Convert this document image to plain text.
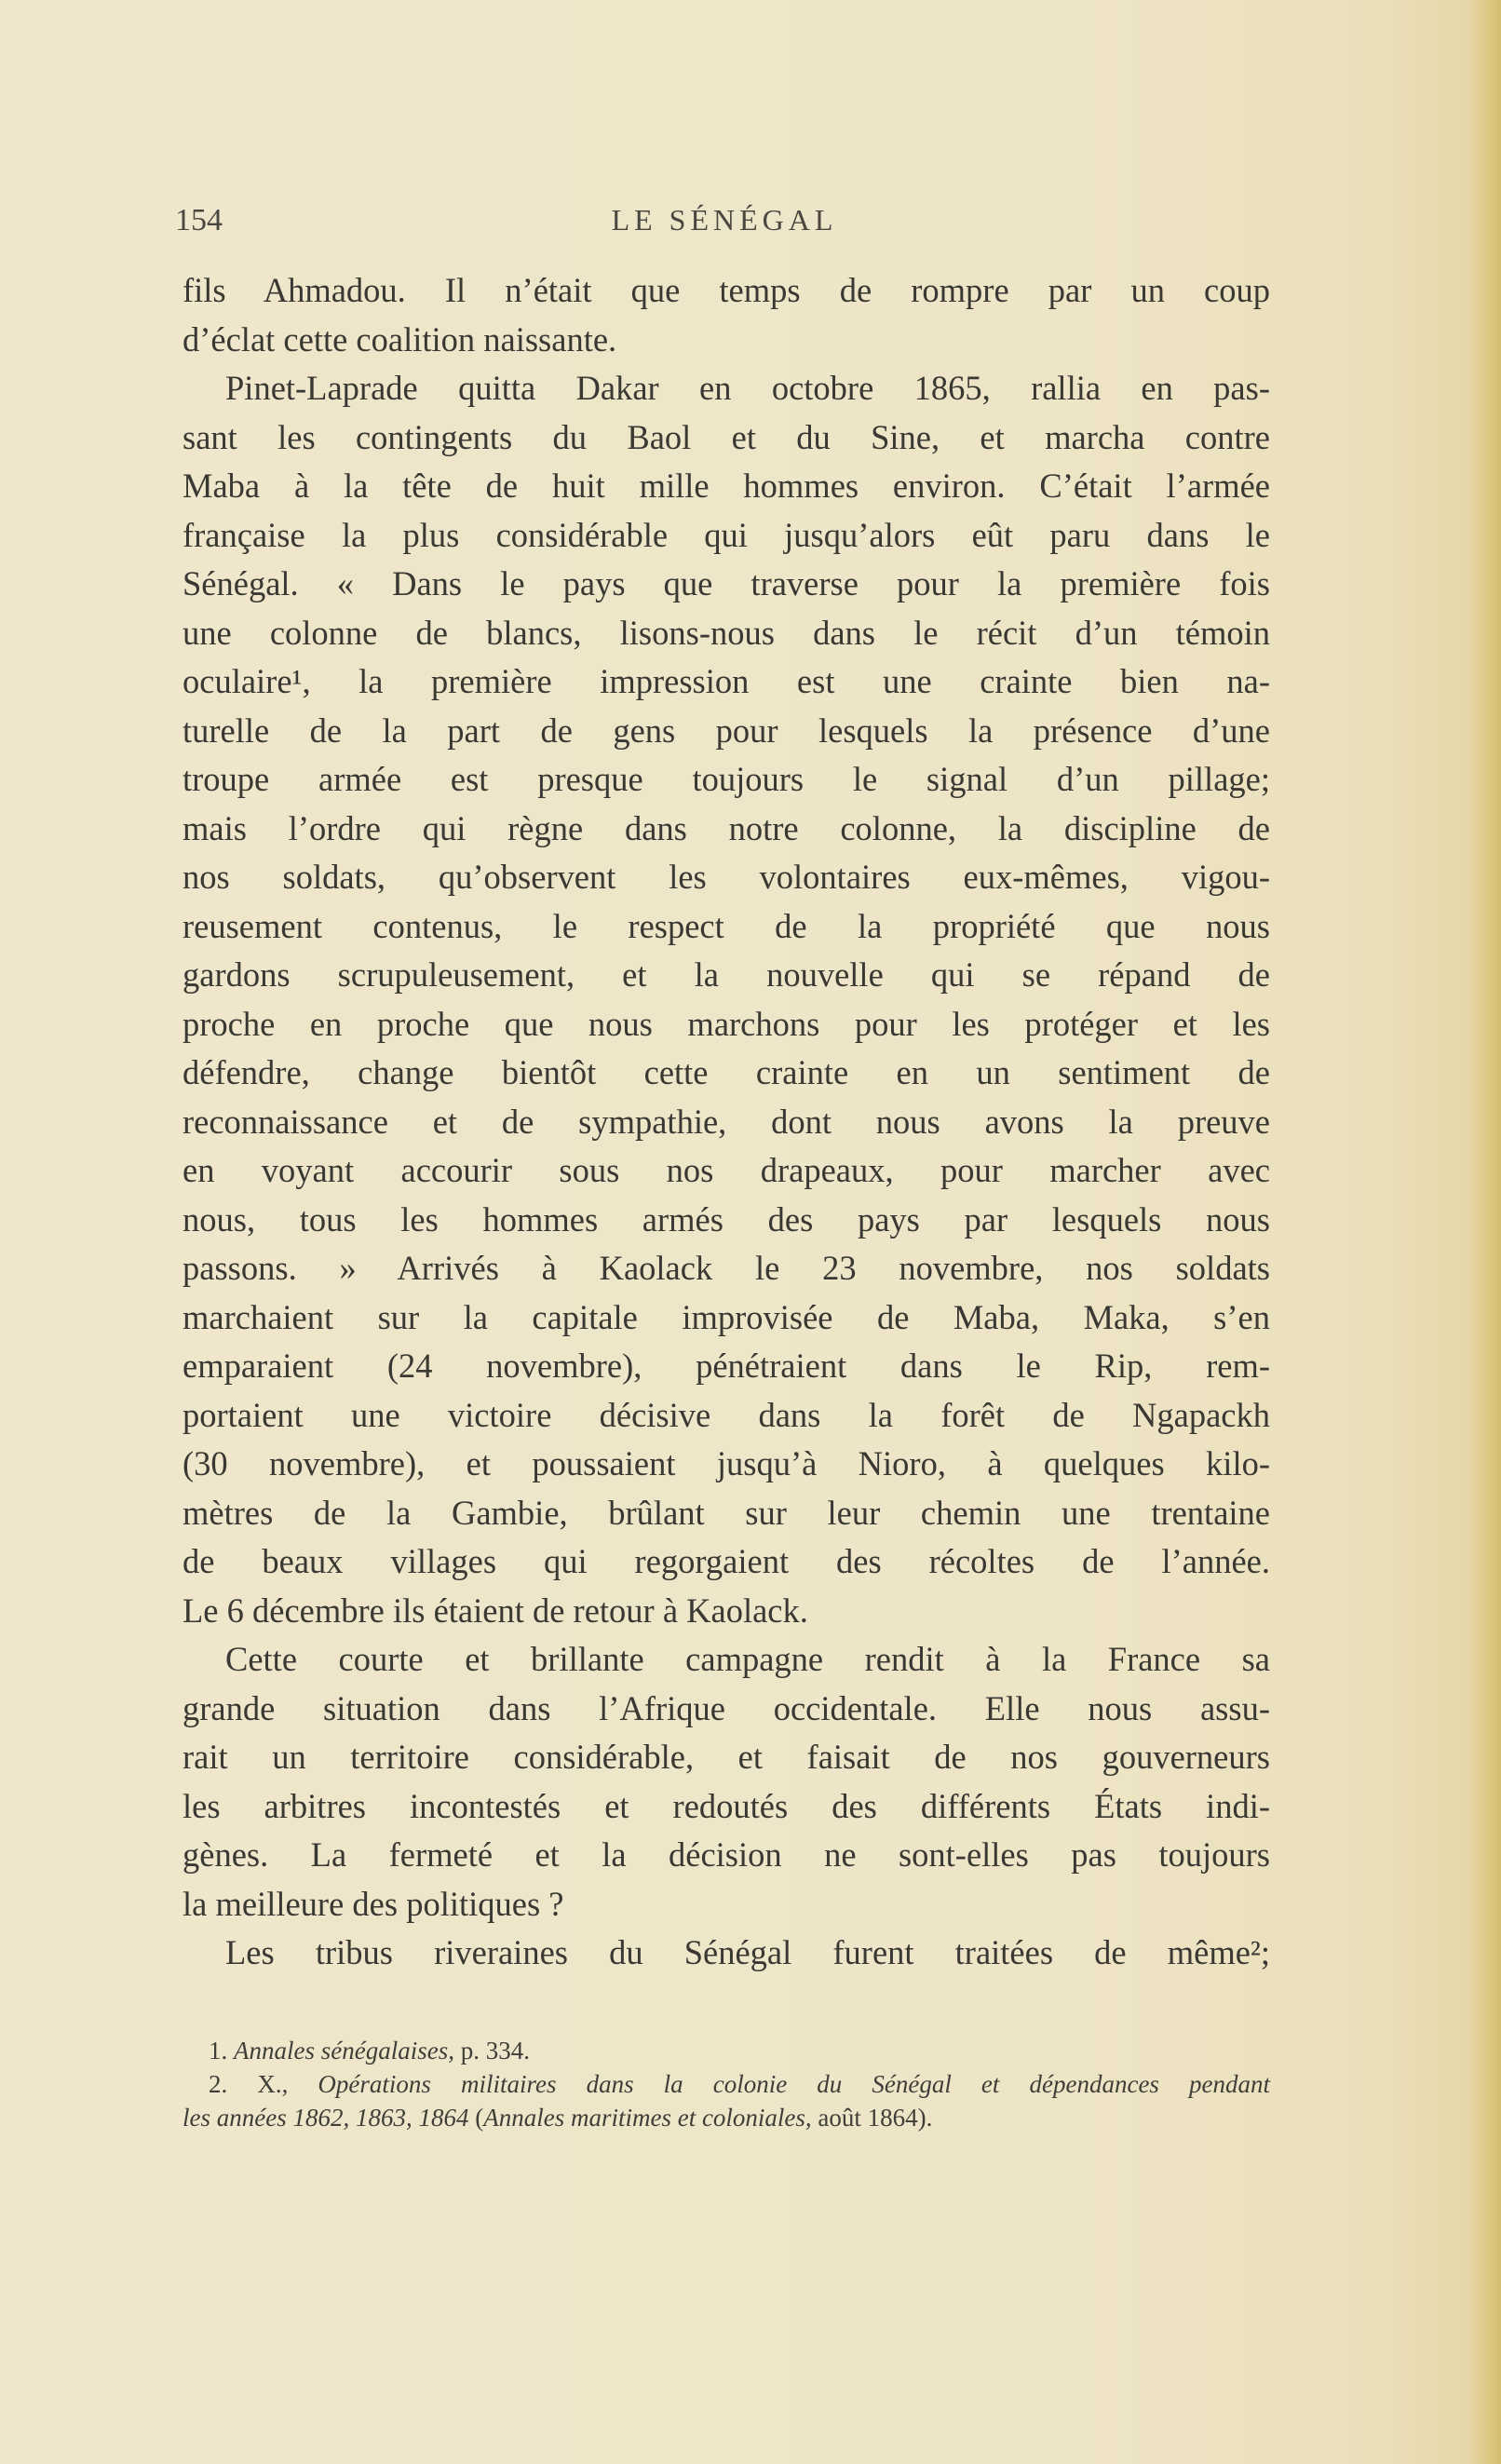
154	LE SÉNÉGAL
fils Ahmadou. Il n’était que temps de rompre par un coup
d’éclat cette coalition naissante.
Pinet-Laprade quitta Dakar en octobre 1865, rallia en pas-
sant les contingents du Baol et du Sine, et marcha contre
Maba à la tête de huit mille hommes environ. C’était l’armée
française la plus considérable qui jusqu’alors eût paru dans le
Sénégal. « Dans le pays que traverse pour la première fois
une colonne de blancs, lisons-nous dans le récit d’un témoin
oculaire¹, la première impression est une crainte bien na-
turelle de la part de gens pour lesquels la présence d’une
troupe armée est presque toujours le signal d’un pillage;
mais l’ordre qui règne dans notre colonne, la discipline de
nos soldats, qu’observent les volontaires eux-mêmes, vigou-
reusement contenus, le respect de la propriété que nous
gardons scrupuleusement, et la nouvelle qui se répand de
proche en proche que nous marchons pour les protéger et les
défendre, change bientôt cette crainte en un sentiment de
reconnaissance et de sympathie, dont nous avons la preuve
en voyant accourir sous nos drapeaux, pour marcher avec
nous, tous les hommes armés des pays par lesquels nous
passons. » Arrivés à Kaolack le 23 novembre, nos soldats
marchaient sur la capitale improvisée de Maba, Maka, s’en
emparaient (24 novembre), pénétraient dans le Rip, rem-
portaient une victoire décisive dans la forêt de Ngapackh
(30 novembre), et poussaient jusqu’à Nioro, à quelques kilo-
mètres de la Gambie, brûlant sur leur chemin une trentaine
de beaux villages qui regorgaient des récoltes de l’année.
Le 6 décembre ils étaient de retour à Kaolack.
Cette courte et brillante campagne rendit à la France sa
grande situation dans l’Afrique occidentale. Elle nous assu-
rait un territoire considérable, et faisait de nos gouverneurs
les arbitres incontestés et redoutés des différents États indi-
gènes. La fermeté et la décision ne sont-elles pas toujours
la meilleure des politiques ?
Les tribus riveraines du Sénégal furent traitées de même²;
1. Annales sénégalaises, p. 334.
2. X., Opérations militaires dans la colonie du Sénégal et dépendances pendant
les années 1862, 1863, 1864 (Annales maritimes et coloniales, août 1864).
